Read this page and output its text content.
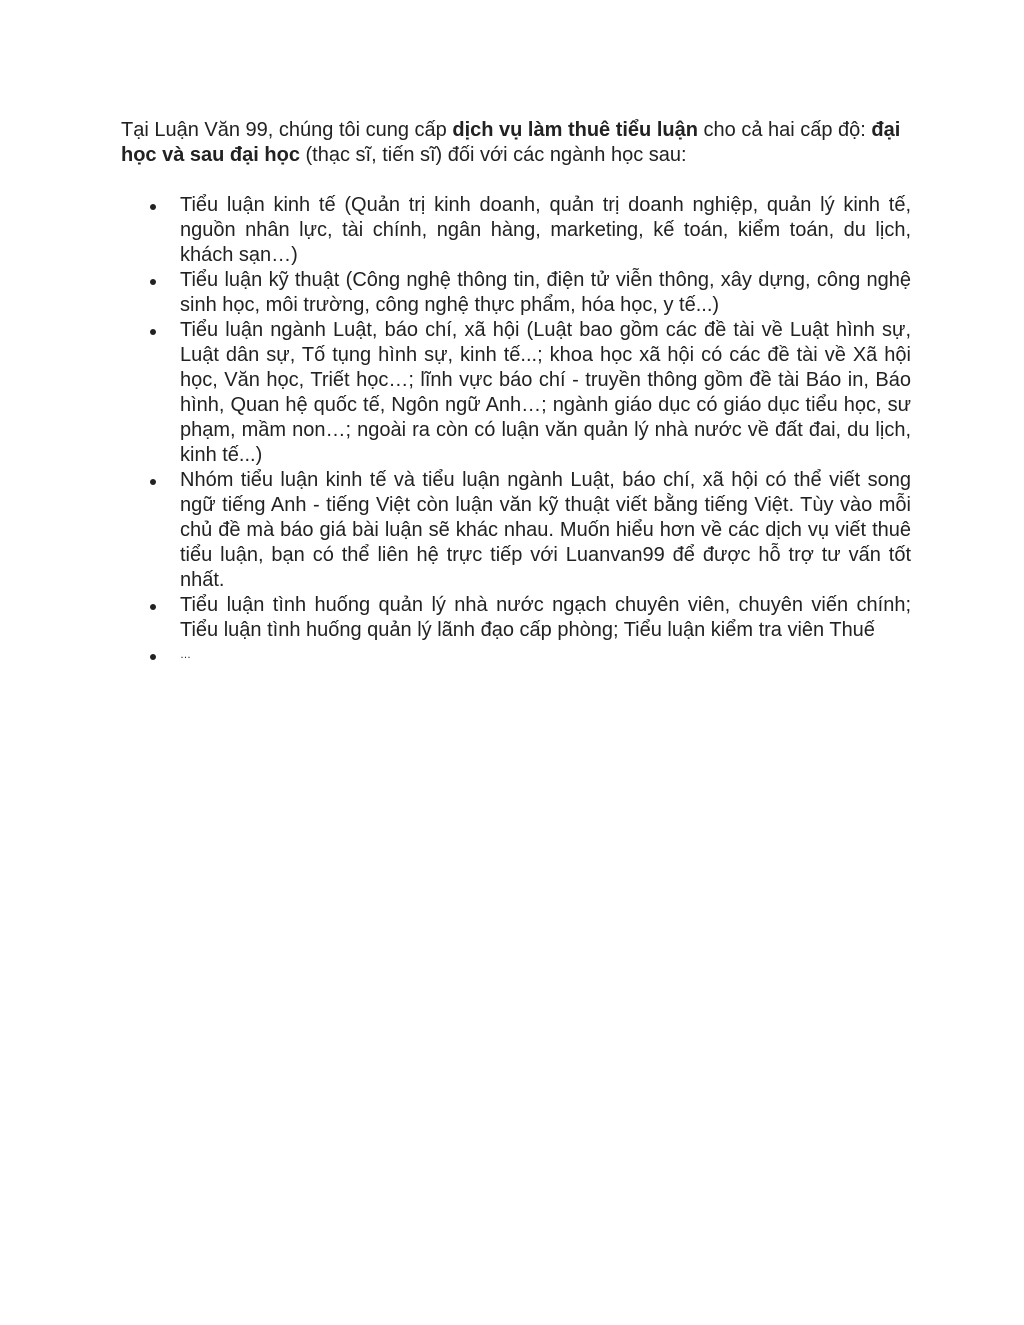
Tại Luận Văn 99, chúng tôi cung cấp dịch vụ làm thuê tiểu luận cho cả hai cấp độ: đại học và sau đại học (thạc sĩ, tiến sĩ) đối với các ngành học sau:

Tiểu luận kinh tế (Quản trị kinh doanh, quản trị doanh nghiệp, quản lý kinh tế, nguồn nhân lực, tài chính, ngân hàng, marketing, kế toán, kiểm toán, du lịch, khách sạn…)
Tiểu luận kỹ thuật (Công nghệ thông tin, điện tử viễn thông, xây dựng, công nghệ sinh học, môi trường, công nghệ thực phẩm, hóa học, y tế...)
Tiểu luận ngành Luật, báo chí, xã hội (Luật bao gồm các đề tài về Luật hình sự, Luật dân sự, Tố tụng hình sự, kinh tế...; khoa học xã hội có các đề tài về Xã hội học, Văn học, Triết học…; lĩnh vực báo chí - truyền thông gồm đề tài Báo in, Báo hình, Quan hệ quốc tế, Ngôn ngữ Anh…; ngành giáo dục có giáo dục tiểu học, sư phạm, mầm non…; ngoài ra còn có luận văn quản lý nhà nước về đất đai, du lịch, kinh tế...)
Nhóm tiểu luận kinh tế và tiểu luận ngành Luật, báo chí, xã hội có thể viết song ngữ tiếng Anh - tiếng Việt còn luận văn kỹ thuật viết bằng tiếng Việt. Tùy vào mỗi chủ đề mà báo giá bài luận sẽ khác nhau. Muốn hiểu hơn về các dịch vụ viết thuê tiểu luận, bạn có thể liên hệ trực tiếp với Luanvan99 để được hỗ trợ tư vấn tốt nhất.
Tiểu luận tình huống quản lý nhà nước ngạch chuyên viên, chuyên viến chính; Tiểu luận tình huống quản lý lãnh đạo cấp phòng; Tiểu luận kiểm tra viên Thuế
…
